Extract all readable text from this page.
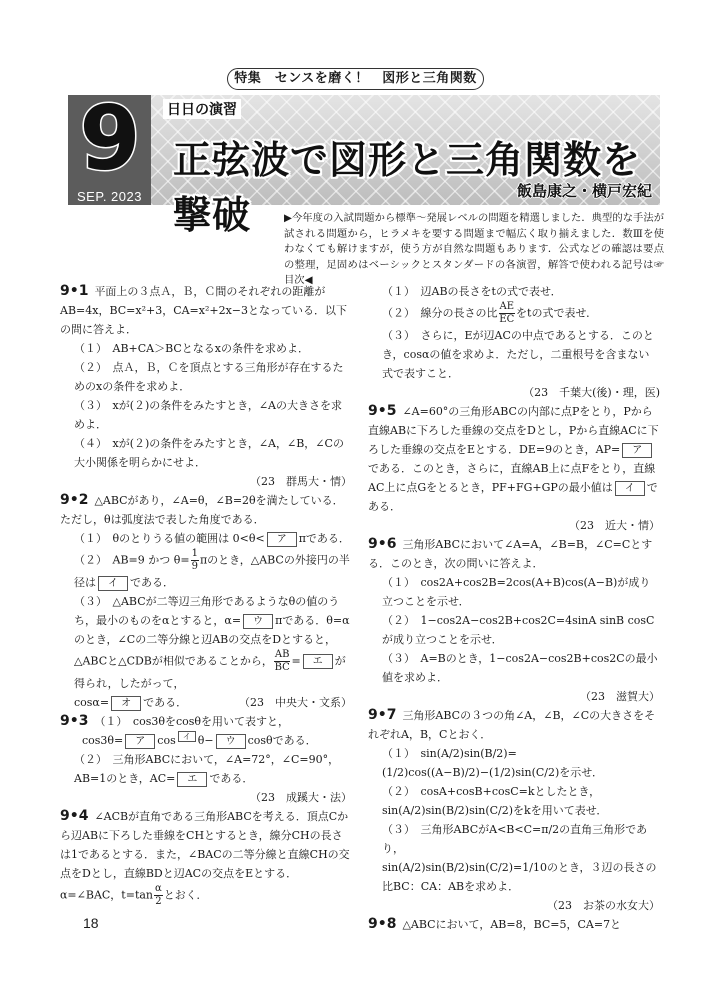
特集　センスを磨く！　図形と三角関数
9
SEP. 2023
日日の演習
正弦波で図形と三角関数を撃破
飯島康之・横戸宏紀
▶今年度の入試問題から標準〜発展レベルの問題を精選しました．典型的な手法が試される問題から，ヒラメキを要する問題まで幅広く取り揃えました．数Ⅲを使わなくても解けますが，使う方が自然な問題もあります．公式などの確認は要点の整理，足固めはベーシックとスタンダードの各演習，解答で使われる記号は☞目次◀

9•1 平面上の３点Ａ，Ｂ，Ｃ間のそれぞれの距離がAB=4x，BC=x²+3，CA=x²+2x−3となっている．以下の問に答えよ．

（１）　AB+CA＞BCとなるxの条件を求めよ．

（２）　点Ａ，Ｂ，Ｃを頂点とする三角形が存在するためのxの条件を求めよ．

（３）　xが(２)の条件をみたすとき，∠Aの大きさを求めよ．

（４）　xが(２)の条件をみたすとき，∠A，∠B，∠Cの大小関係を明らかにせよ．

（23　群馬大・情）

9•2 △ABCがあり，∠A=θ，∠B=2θを満たしている．ただし，θは弧度法で表した角度である．

（１）　θのとりうる値の範囲は 0<θ< ア πである．

（２）　AB=9 かつ $\theta= \frac{1}{9}$ πのとき，△ABCの外接円の半径は イ である．

（３）　△ABCが二等辺三角形であるようなθの値のうち，最小のものをαとすると，α= ウ πである．θ=αのとき，∠Cの二等分線と辺ABの交点をDとすると，△ABCと△CDBが相似であることから， $\frac{AB}{BC}$ = エ が得られ，したがって，

cosα= オ である．	（23　中央大・文系）

9•3 （１）　cos3θをcosθを用いて表すと，

cos3θ= ア cos イ θ− ウ cosθである．

（２）　三角形ABCにおいて，∠A=72°，∠C=90°，AB=1のとき，AC= エ である．

（23　成蹊大・法）

9•4 ∠ACBが直角である三角形ABCを考える．頂点Cから辺ABに下ろした垂線をCHとするとき，線分CHの長さは1であるとする．また，∠BACの二等分線と直線CHの交点をDとし，直線BDと辺ACの交点をEとする．α=∠BAC，$t=\tan \frac{\alpha}{2}$ とおく．

（１）　辺ABの長さをtの式で表せ．

（２）　線分の長さの比 $\frac{AE}{EC}$ をtの式で表せ．

（３）　さらに，Eが辺ACの中点であるとする．このとき，cosαの値を求めよ．ただし，二重根号を含まない式で表すこと．

（23　千葉大(後)・理，医)

9•5 ∠A=60°の三角形ABCの内部に点Pをとり，Pから直線ABに下ろした垂線の交点をDとし，Pから直線ACに下ろした垂線の交点をEとする．DE=9のとき，AP= アである．このとき，さらに，直線AB上に点Fをとり，直線AC上に点Gをとるとき，PF+FG+GPの最小値は イ である．

（23　近大・情）

9•6 三角形ABCにおいて∠A=A，∠B=B，∠C=Cとする．このとき，次の問いに答えよ．

（１）　cos2A+cos2B=2cos(A+B)cos(A−B)が成り立つことを示せ．

（２）　1−cos2A−cos2B+cos2C=4sinA sinB cosCが成り立つことを示せ．

（３）　A=Bのとき，1−cos2A−cos2B+cos2Cの最小値を求めよ．

（23　滋賀大）

9•7 三角形ABCの３つの角∠A，∠B，∠Cの大きさをそれぞれA，B，Cとおく．

（１）　sin(A/2)sin(B/2)=(1/2)cos((A−B)/2)−(1/2)sin(C/2)を示せ．

（２）　cosA+cosB+cosC=kとしたとき，

sin(A/2)sin(B/2)sin(C/2)をkを用いて表せ．

（３）　三角形ABCがA<B<C=π/2の直角三角形であり，

sin(A/2)sin(B/2)sin(C/2)=1/10のとき，３辺の長さの比BC：CA：ABを求めよ．

（23　お茶の水女大）

9•8 △ABCにおいて，AB=8，BC=5，CA=7と

18
